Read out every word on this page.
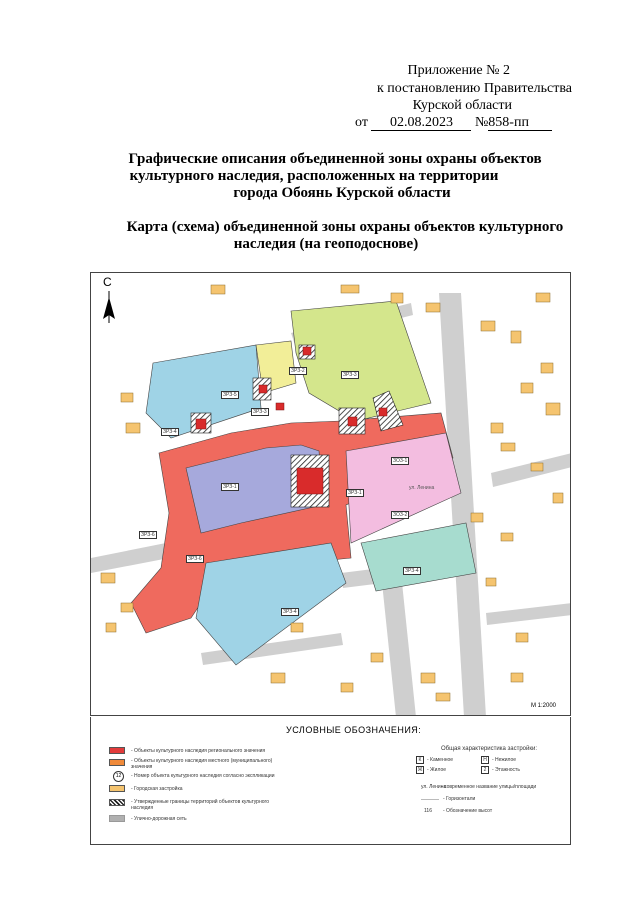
Приложение № 2
к постановлению Правительства
Курской области
от 02.08.2023 №858-пп
Графические описания объединенной зоны охраны объектов
культурного наследия, расположенных на территории
города Обоянь Курской области
Карта (схема) объединенной зоны охраны объектов культурного
наследия (на геоподоснове)
С
М 1:2000
ул. Ленина
ЗРЗ-5
ЗРЗ-4
ЗРЗ-3
ЗРЗ-2
ЗРЗ-3
ЗРЗ-1
ЗОЗ-1
ЗРЗ-1
ЗОЗ-2
ЗРЗ-4
ЗРЗ-4
ЗРЗ-6
ЗРЗ-6
УСЛОВНЫЕ ОБОЗНАЧЕНИЯ:
- Объекты культурного наследия регионального значения
- Объекты культурного наследия местного (муниципального) значения
12	- Номер объекта культурного наследия согласно экспликации
- Городская застройка
- Утвержденные границы территорий объектов культурного наследия
- Улично-дорожная сеть
Общая характеристика застройки:
К	- Каменное	Н	- Нежилое
Ж - Жилое	2	- Этажность
ул. Ленина
- современное название улицы/площади
- Горизонтали
116 - Обозначение высот
